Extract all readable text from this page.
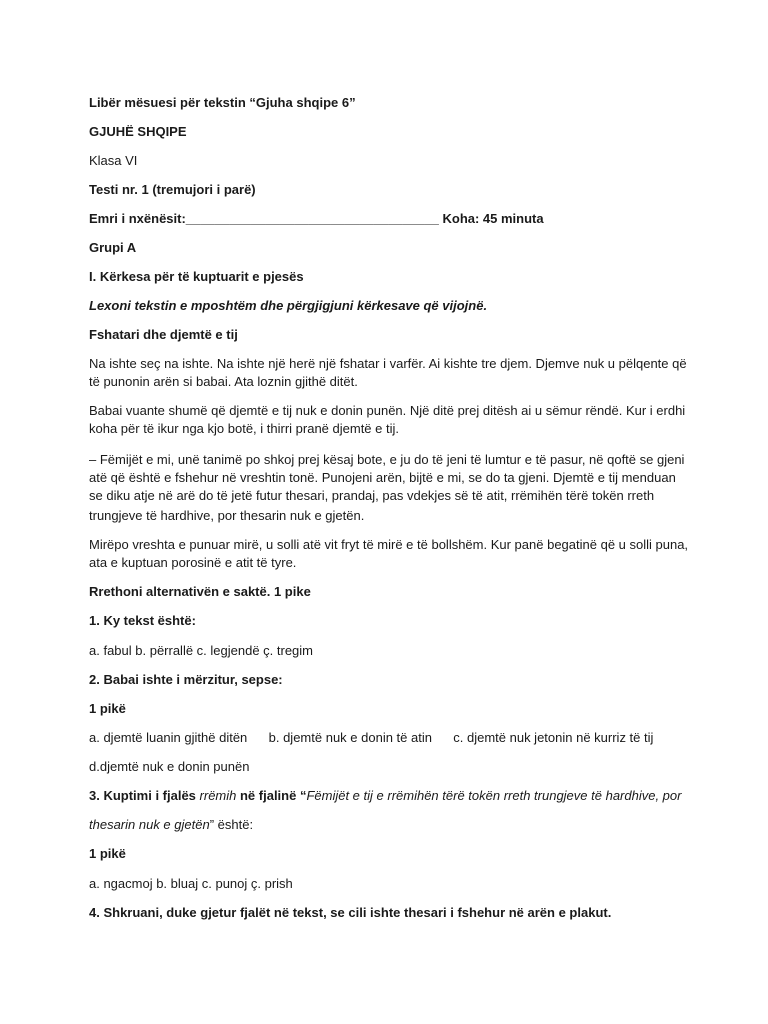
Libër mësuesi për tekstin “Gjuha shqipe 6”
GJUHË SHQIPE
Klasa VI
Testi nr. 1 (tremujori i parë)
Emri i nxënësit:___________________________________ Koha: 45 minuta
Grupi A
I. Kërkesa për të kuptuarit e pjesës
Lexoni tekstin e mposhtëm dhe përgjigjuni kërkesave që vijojnë.
Fshatari dhe djemtë e tij
Na ishte seç na ishte. Na ishte një herë një fshatar i varfër. Ai kishte tre djem. Djemve nuk u pëlqente që
të punonin arën si babai. Ata loznin gjithë ditët.
Babai vuante shumë që djemtë e tij nuk e donin punën. Një ditë prej ditësh ai u sëmur rëndë. Kur i erdhi
koha për të ikur nga kjo botë, i thirri pranë djemtë e tij.
– Fëmijët e mi, unë tanimë po shkoj prej kësaj bote, e ju do të jeni të lumtur e të pasur, në qoftë se gjeni
atë që është e fshehur në vreshtin tonë. Punojeni arën, bijtë e mi, se do ta gjeni. Djemtë e tij menduan
se diku atje në arë do të jetë futur thesari, prandaj, pas vdekjes së të atit, rrëmihën tërë tokën rreth
trungjeve të hardhive, por thesarin nuk e gjetën.
Mirëpo vreshta e punuar mirë, u solli atë vit fryt të mirë e të bollshëm. Kur panë begatinë që u solli puna,
ata e kuptuan porosinë e atit të tyre.
Rrethoni alternativën e saktë. 1 pike
1. Ky tekst është:
a. fabul b. përrallë c. legjendë ç. tregim
2. Babai ishte i mërzitur, sepse:
1 pikë
a. djemtë luanin gjithë ditën b. djemtë nuk e donin të atin c. djemtë nuk jetonin në kurriz të tij
d.djemtë nuk e donin punën
3. Kuptimi i fjalës rrëmih në fjalinë “Fëmijët e tij e rrëmihën tërë tokën rreth trungjeve të hardhive, por
thesarin nuk e gjetën” është:
1 pikë
a. ngacmoj b. bluaj c. punoj ç. prish
4. Shkruani, duke gjetur fjalët në tekst, se cili ishte thesari i fshehur në arën e plakut.
